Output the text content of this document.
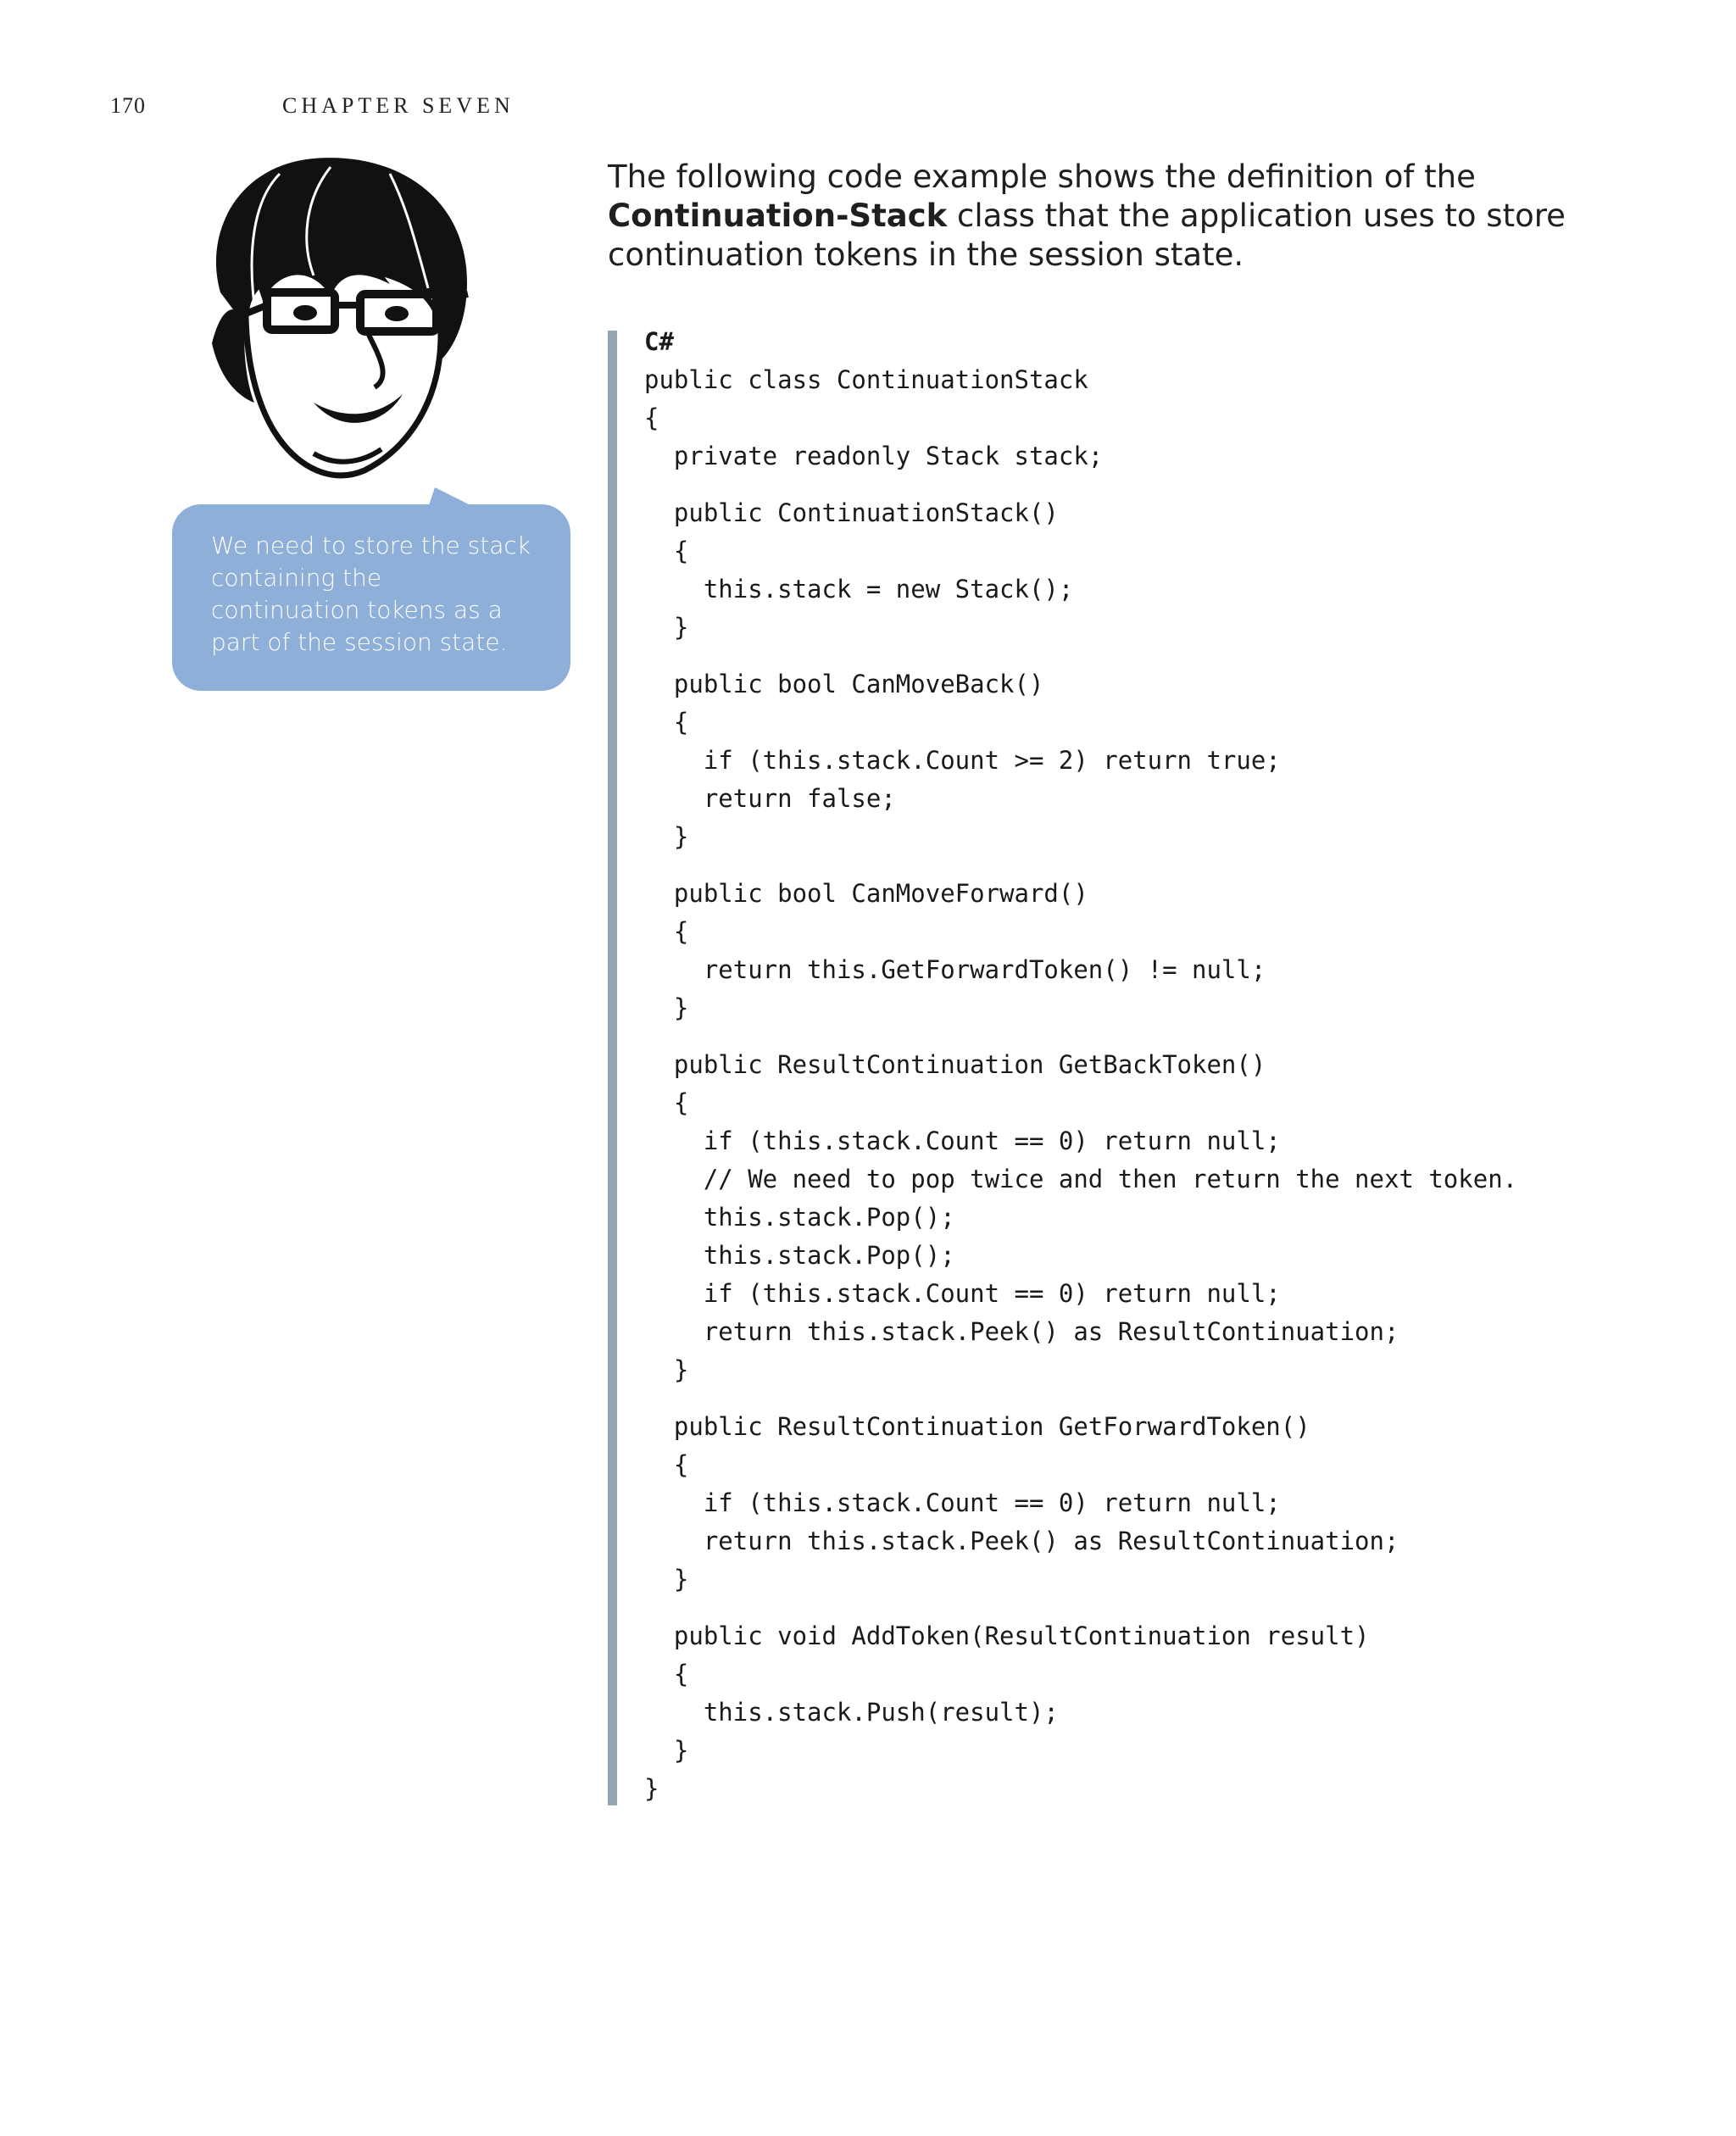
170	CHAPTER SEVEN
We need to store the stack containing the continuation tokens as a part of the session state.

The following code example shows the definition of the Continuation-Stack class that the application uses to store continuation tokens in the session state.

C#
public class ContinuationStack
{
private readonly Stack stack;
public ContinuationStack()
{
this.stack = new Stack();
}
public bool CanMoveBack()
{
if (this.stack.Count >= 2) return true;
return false;
}
public bool CanMoveForward()
{
return this.GetForwardToken() != null;
}
public ResultContinuation GetBackToken()
{
if (this.stack.Count == 0) return null;
// We need to pop twice and then return the next token.
this.stack.Pop();
this.stack.Pop();
if (this.stack.Count == 0) return null;
return this.stack.Peek() as ResultContinuation;
}
public ResultContinuation GetForwardToken()
{
if (this.stack.Count == 0) return null;
return this.stack.Peek() as ResultContinuation;
}
public void AddToken(ResultContinuation result)
{
this.stack.Push(result);
}
}
